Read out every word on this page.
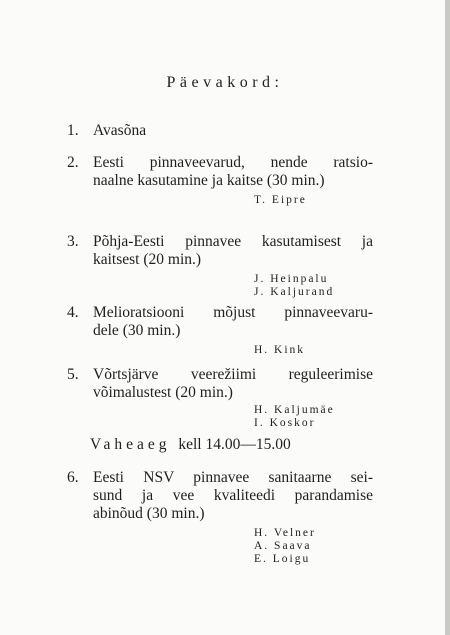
Päevakord:
1. Avasõna
2. Eesti pinnaveevarud, nende ratsio-
naalne kasutamine ja kaitse (30 min.)
T. Eipre
3. Põhja-Eesti pinnavee kasutamisest ja
kaitsest (20 min.)
J. Heinpalu
J. Kaljurand
4. Melioratsiooni mõjust pinnaveevaru-
dele (30 min.)
H. Kink
5. Võrtsjärve veerežiimi reguleerimise
võimalustest (20 min.)
H. Kaljumäe
I. Koskor
Vaheaeg kell 14.00—15.00
6. Eesti NSV pinnavee sanitaarne sei-
sund ja vee kvaliteedi parandamise
abinõud (30 min.)
H. Velner
A. Saava
E. Loigu
